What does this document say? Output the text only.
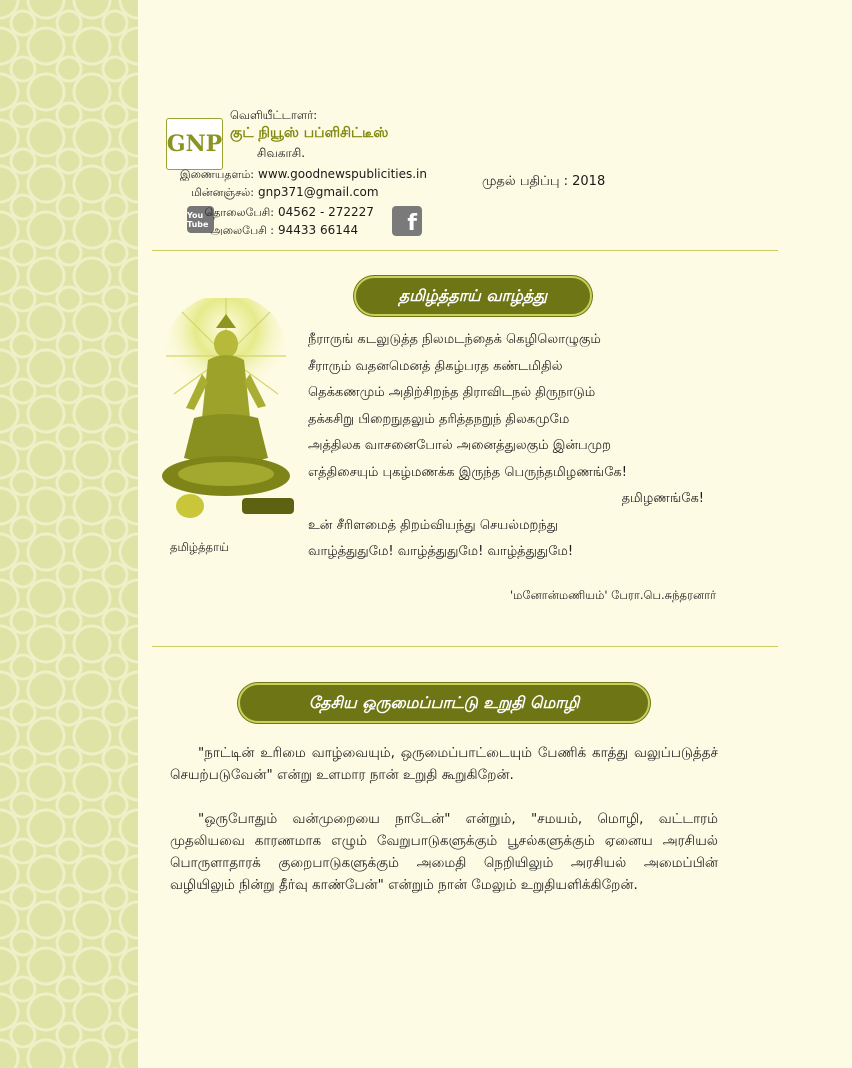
வெளியீட்டாளர்:
GNP குட் நியூஸ் பப்ளிசிட்டீஸ்
சிவகாசி.
இணையதளம்: www.goodnewspublicities.in
மின்னஞ்சல்: gnp371@gmail.com
You Tube
தொலைபேசி: 04562 - 272227
அலைபேசி : 94433 66144	f
முதல் பதிப்பு : 2018
தமிழ்த்தாய் வாழ்த்து
தமிழ்த்தாய்
நீராருங் கடலுடுத்த நிலமடந்தைக் கெழிலொழுகும்
சீராரும் வதனமெனத் திகழ்பரத கண்டமிதில்
தெக்கணமும் அதிற்சிறந்த திராவிடநல் திருநாடும்
தக்கசிறு பிறைநுதலும் தரித்தநறுந் திலகமுமே
அத்திலக வாசனைபோல் அனைத்துலகும் இன்பமுற
எத்திசையும் புகழ்மணக்க இருந்த பெருந்தமிழணங்கே!
தமிழணங்கே!
உன் சீரிளமைத் திறம்வியந்து செயல்மறந்து
வாழ்த்துதுமே! வாழ்த்துதுமே! வாழ்த்துதுமே!
'மனோன்மணியம்' பேரா.பெ.சுந்தரனார்
தேசிய ஒருமைப்பாட்டு உறுதி மொழி
"நாட்டின் உரிமை வாழ்வையும், ஒருமைப்பாட்டையும் பேணிக் காத்து வலுப்படுத்தச் செயற்படுவேன்" என்று உளமார நான் உறுதி கூறுகிறேன்.
"ஒருபோதும் வன்முறையை நாடேன்" என்றும், "சமயம், மொழி, வட்டாரம் முதலியவை காரணமாக எழும் வேறுபாடுகளுக்கும் பூசல்களுக்கும் ஏனைய அரசியல் பொருளாதாரக் குறைபாடுகளுக்கும் அமைதி நெறியிலும் அரசியல் அமைப்பின் வழியிலும் நின்று தீர்வு காண்பேன்" என்றும் நான் மேலும் உறுதியளிக்கிறேன்.
